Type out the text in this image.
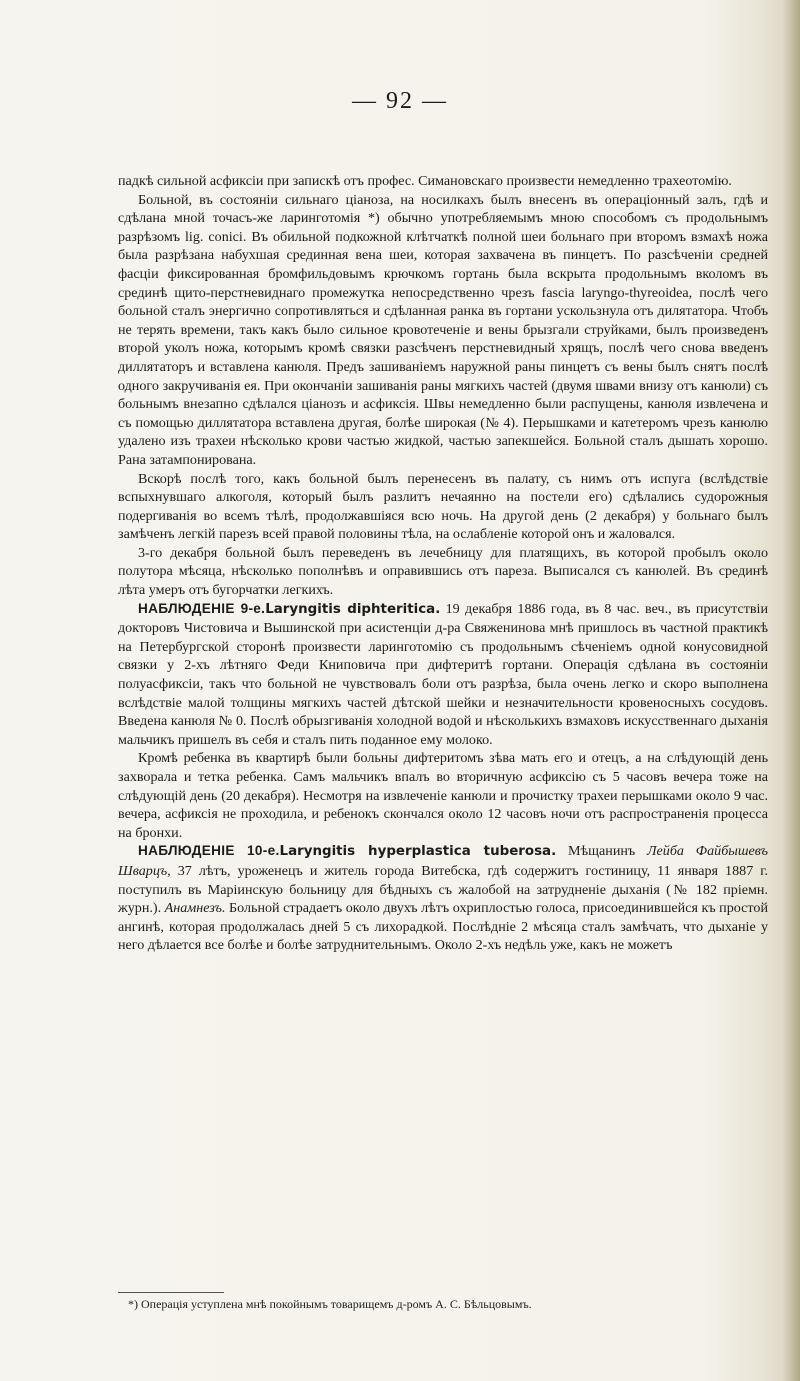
— 92 —

падкѣ сильной асфиксіи при запискѣ отъ профес. Симановскаго произвести немедленно трахеотомію.

Больной, въ состояніи сильнаго ціаноза, на носилкахъ былъ внесенъ въ операціонный залъ, гдѣ и сдѣлана мной точасъ-же ларинготомія *) обычно употребляемымъ мною способомъ съ продольнымъ разрѣзомъ lig. conici. Въ обильной подкожной клѣтчаткѣ полной шеи больнаго при второмъ взмахѣ ножа была разрѣзана набухшая срединная вена шеи, которая захвачена въ пинцетъ. По разсѣченіи средней фасціи фиксированная бромфильдовымъ крючкомъ гортань была вскрыта продольнымъ вколомъ въ срединѣ щито-перстневиднаго промежутка непосредственно чрезъ fascia laryngo-thyreoidea, послѣ чего больной сталъ энергично сопротивляться и сдѣланная ранка въ гортани ускользнула отъ дилятатора. Чтобъ не терять времени, такъ какъ было сильное кровотеченіе и вены брызгали струйками, былъ произведенъ второй уколъ ножа, которымъ кромѣ связки разсѣченъ перстневидный хрящъ, послѣ чего снова введенъ диллятаторъ и вставлена канюля. Предъ зашиваніемъ наружной раны пинцетъ съ вены былъ снятъ послѣ одного закручиванія ея. При окончаніи зашиванія раны мягкихъ частей (двумя швами внизу отъ канюли) съ больнымъ внезапно сдѣлался ціанозъ и асфиксія. Швы немедленно были распущены, канюля извлечена и съ помощью диллятатора вставлена другая, болѣе широкая (№ 4). Перышками и катетеромъ чрезъ канюлю удалено изъ трахеи нѣсколько крови частью жидкой, частью запекшейся. Больной сталъ дышать хорошо. Рана затампонирована.

Вскорѣ послѣ того, какъ больной былъ перенесенъ въ палату, съ нимъ отъ испуга (вслѣдствіе вспыхнувшаго алкоголя, который былъ разлитъ нечаянно на постели его) сдѣлались судорожныя подергиванія во всемъ тѣлѣ, продолжавшіяся всю ночь. На другой день (2 декабря) у больнаго былъ замѣченъ легкій парезъ всей правой половины тѣла, на ослабленіе которой онъ и жаловался.

3-го декабря больной былъ переведенъ въ лечебницу для платящихъ, въ которой пробылъ около полутора мѣсяца, нѣсколько пополнѣвъ и оправившись отъ пареза. Выписался съ канюлей. Въ срединѣ лѣта умеръ отъ бугорчатки легкихъ.

НАБЛЮДЕНІЕ 9-е.Laryngitis diphteritica. 19 декабря 1886 года, въ 8 час. веч., въ присутствіи докторовъ Чистовича и Вышинской при асистенціи д-ра Свяженинова мнѣ пришлось въ частной практикѣ на Петербургской сторонѣ произвести ларинготомію съ продольнымъ сѣченіемъ одной конусовидной связки у 2-хъ лѣтняго Феди Книповича при дифтеритѣ гортани. Операція сдѣлана въ состояніи полуасфиксіи, такъ что больной не чувствовалъ боли отъ разрѣза, была очень легко и скоро выполнена вслѣдствіе малой толщины мягкихъ частей дѣтской шейки и незначительности кровеносныхъ сосудовъ. Введена канюля № 0. Послѣ обрызгиванія холодной водой и нѣсколькихъ взмаховъ искусственнаго дыханія мальчикъ пришелъ въ себя и сталъ пить поданное ему молоко.

Кромѣ ребенка въ квартирѣ были больны дифтеритомъ зѣва мать его и отецъ, а на слѣдующій день захворала и тетка ребенка. Самъ мальчикъ впалъ во вторичную асфиксію съ 5 часовъ вечера тоже на слѣдующій день (20 декабря). Несмотря на извлеченіе канюли и прочистку трахеи перышками около 9 час. вечера, асфиксія не проходила, и ребенокъ скончался около 12 часовъ ночи отъ распространенія процесса на бронхи.

НАБЛЮДЕНІЕ 10-е.Laryngitis hyperplastica tuberosa. Мѣщанинъ Лейба Файбышевъ Шварцъ, 37 лѣтъ, уроженецъ и житель города Витебска, гдѣ содержитъ гостиницу, 11 января 1887 г. поступилъ въ Маріинскую больницу для бѣдныхъ съ жалобой на затрудненіе дыханія (№ 182 пріемн. журн.). Анамнезъ. Больной страдаетъ около двухъ лѣтъ охриплостью голоса, присоединившейся къ простой ангинѣ, которая продолжалась дней 5 съ лихорадкой. Послѣдніе 2 мѣсяца сталъ замѣчать, что дыханіе у него дѣлается все болѣе и болѣе затруднительнымъ. Около 2-хъ недѣль уже, какъ не можетъ

*) Операція уступлена мнѣ покойнымъ товарищемъ д-ромъ А. С. Бѣльцовымъ.
